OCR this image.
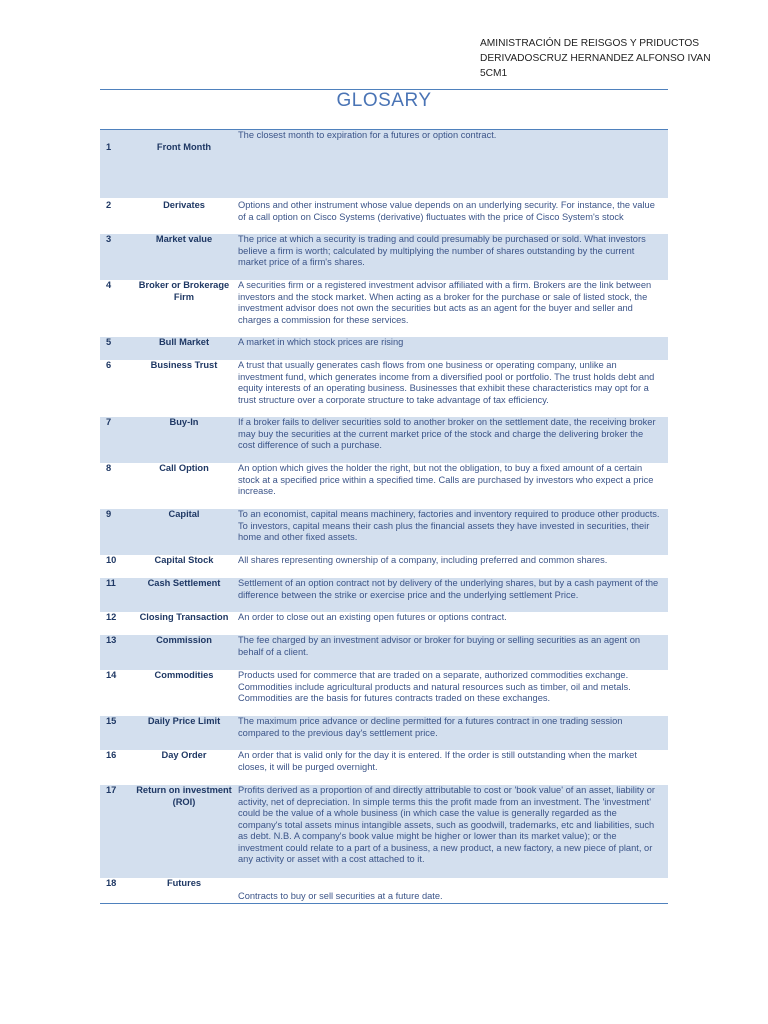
AMINISTRACIÓN DE REISGOS Y PRIDUCTOS
DERIVADOSCRUZ HERNANDEZ ALFONSO IVAN
5CM1
GLOSARY
1	Front Month	The closest month to expiration for a futures or option contract.
2	Derivates	Options and other instrument whose value depends on an underlying security. For instance, the value of a call option on Cisco Systems (derivative) fluctuates with the price of Cisco System's stock
3	Market value	The price at which a security is trading and could presumably be purchased or sold. What investors believe a firm is worth; calculated by multiplying the number of shares outstanding by the current market price of a firm's shares.
4	Broker or Brokerage Firm	A securities firm or a registered investment advisor affiliated with a firm. Brokers are the link between investors and the stock market. When acting as a broker for the purchase or sale of listed stock, the investment advisor does not own the securities but acts as an agent for the buyer and seller and charges a commission for these services.
5	Bull Market	A market in which stock prices are rising
6	Business Trust	A trust that usually generates cash flows from one business or operating company, unlike an investment fund, which generates income from a diversified pool or portfolio. The trust holds debt and equity interests of an operating business. Businesses that exhibit these characteristics may opt for a trust structure over a corporate structure to take advantage of tax efficiency.
7	Buy-In	If a broker fails to deliver securities sold to another broker on the settlement date, the receiving broker may buy the securities at the current market price of the stock and charge the delivering broker the cost difference of such a purchase.
8	Call Option	An option which gives the holder the right, but not the obligation, to buy a fixed amount of a certain stock at a specified price within a specified time. Calls are purchased by investors who expect a price increase.
9	Capital	To an economist, capital means machinery, factories and inventory required to produce other products. To investors, capital means their cash plus the financial assets they have invested in securities, their home and other fixed assets.
10	Capital Stock	All shares representing ownership of a company, including preferred and common shares.
11	Cash Settlement	Settlement of an option contract not by delivery of the underlying shares, but by a cash payment of the difference between the strike or exercise price and the underlying settlement Price.
12	Closing Transaction	An order to close out an existing open futures or options contract.
13	Commission	The fee charged by an investment advisor or broker for buying or selling securities as an agent on behalf of a client.
14	Commodities	Products used for commerce that are traded on a separate, authorized commodities exchange. Commodities include agricultural products and natural resources such as timber, oil and metals. Commodities are the basis for futures contracts traded on these exchanges.
15	Daily Price Limit	The maximum price advance or decline permitted for a futures contract in one trading session compared to the previous day's settlement price.
16	Day Order	An order that is valid only for the day it is entered. If the order is still outstanding when the market closes, it will be purged overnight.
17	Return on investment (ROI)	Profits derived as a proportion of and directly attributable to cost or 'book value' of an asset, liability or activity, net of depreciation. In simple terms this the profit made from an investment. The 'investment' could be the value of a whole business (in which case the value is generally regarded as the company's total assets minus intangible assets, such as goodwill, trademarks, etc and liabilities, such as debt. N.B. A company's book value might be higher or lower than its market value); or the investment could relate to a part of a business, a new product, a new factory, a new piece of plant, or any activity or asset with a cost attached to it.
18	Futures	Contracts to buy or sell securities at a future date.
